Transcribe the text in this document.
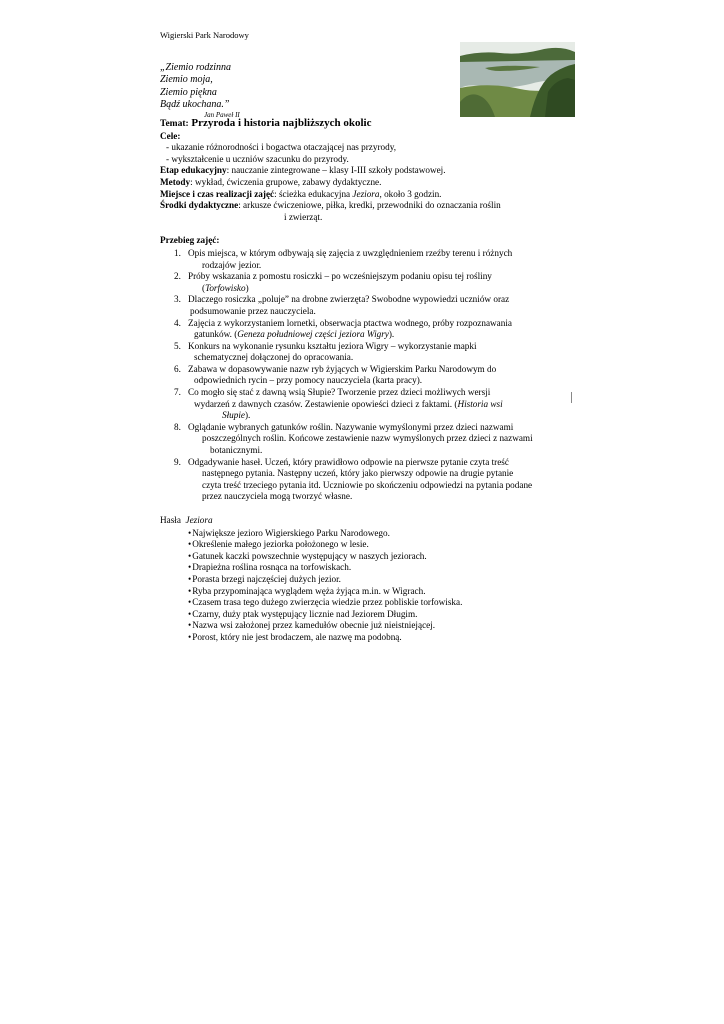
Wigierski Park Narodowy
„Ziemio rodzinna
Ziemio moja,
Ziemio piękna
Bądź ukochana.”
Jan Paweł II
Temat: Przyroda i historia najbliższych okolic
Cele:
- ukazanie różnorodności i bogactwa otaczającej nas przyrody,
- wykształcenie u uczniów szacunku do przyrody.
Etap edukacyjny: nauczanie zintegrowane – klasy I-III szkoły podstawowej.
Metody: wykład, ćwiczenia grupowe, zabawy dydaktyczne.
Miejsce i czas realizacji zajęć: ścieżka edukacyjna Jeziora, około 3 godzin.
Środki dydaktyczne: arkusze ćwiczeniowe, piłka, kredki, przewodniki do oznaczania roślin
i zwierząt.
Przebieg zajęć:
1. Opis miejsca, w którym odbywają się zajęcia z uwzględnieniem rzeźby terenu i różnych
rodzajów jezior.
2. Próby wskazania z pomostu rosiczki – po wcześniejszym podaniu opisu tej rośliny
(Torfowisko)
3. Dlaczego rosiczka „poluje” na drobne zwierzęta? Swobodne wypowiedzi uczniów oraz
podsumowanie przez nauczyciela.
4. Zajęcia z wykorzystaniem lornetki, obserwacja ptactwa wodnego, próby rozpoznawania
gatunków. (Geneza południowej części jeziora Wigry).
5. Konkurs na wykonanie rysunku kształtu jeziora Wigry – wykorzystanie mapki
schematycznej dołączonej do opracowania.
6. Zabawa w dopasowywanie nazw ryb żyjących w Wigierskim Parku Narodowym do
odpowiednich rycin – przy pomocy nauczyciela (karta pracy).
7. Co mogło się stać z dawną wsią Słupie? Tworzenie przez dzieci możliwych wersji
wydarzeń z dawnych czasów. Zestawienie opowieści dzieci z faktami. (Historia wsi
Słupie).
8. Oglądanie wybranych gatunków roślin. Nazywanie wymyślonymi przez dzieci nazwami
poszczególnych roślin. Końcowe zestawienie nazw wymyślonych przez dzieci z nazwami
botanicznymi.
9. Odgadywanie haseł. Uczeń, który prawidłowo odpowie na pierwsze pytanie czyta treść
następnego pytania. Następny uczeń, który jako pierwszy odpowie na drugie pytanie
czyta treść trzeciego pytania itd. Uczniowie po skończeniu odpowiedzi na pytania podane
przez nauczyciela mogą tworzyć własne.
Hasła Jeziora
• Największe jezioro Wigierskiego Parku Narodowego.
• Określenie małego jeziorka położonego w lesie.
• Gatunek kaczki powszechnie występujący w naszych jeziorach.
• Drapieżna roślina rosnąca na torfowiskach.
• Porasta brzegi najczęściej dużych jezior.
• Ryba przypominająca wyglądem węża żyjąca m.in. w Wigrach.
• Czasem trasa tego dużego zwierzęcia wiedzie przez pobliskie torfowiska.
• Czarny, duży ptak występujący licznie nad Jeziorem Długim.
• Nazwa wsi założonej przez kamedułów obecnie już nieistniejącej.
• Porost, który nie jest brodaczem, ale nazwę ma podobną.
